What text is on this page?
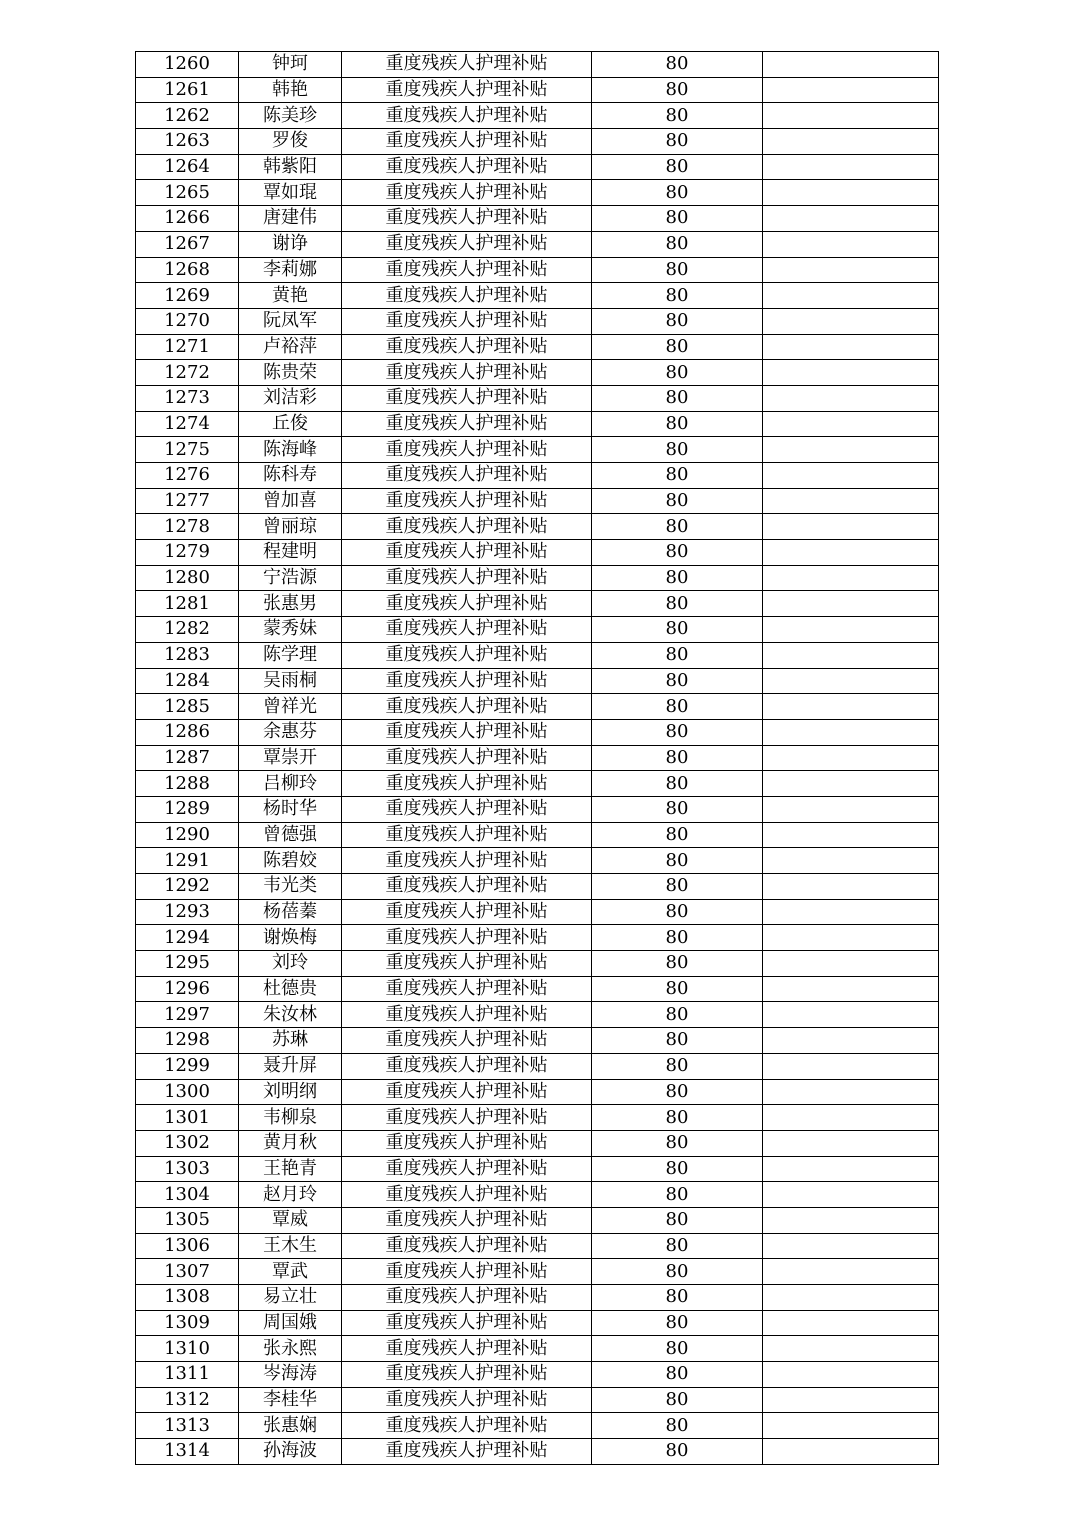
1260	钟珂	重度残疾人护理补贴	80	
1261	韩艳	重度残疾人护理补贴	80	
1262	陈美珍	重度残疾人护理补贴	80	
1263	罗俊	重度残疾人护理补贴	80	
1264	韩紫阳	重度残疾人护理补贴	80	
1265	覃如琨	重度残疾人护理补贴	80	
1266	唐建伟	重度残疾人护理补贴	80	
1267	谢诤	重度残疾人护理补贴	80	
1268	李莉娜	重度残疾人护理补贴	80	
1269	黄艳	重度残疾人护理补贴	80	
1270	阮凤军	重度残疾人护理补贴	80	
1271	卢裕萍	重度残疾人护理补贴	80	
1272	陈贵荣	重度残疾人护理补贴	80	
1273	刘洁彩	重度残疾人护理补贴	80	
1274	丘俊	重度残疾人护理补贴	80	
1275	陈海峰	重度残疾人护理补贴	80	
1276	陈科寿	重度残疾人护理补贴	80	
1277	曾加喜	重度残疾人护理补贴	80	
1278	曾丽琼	重度残疾人护理补贴	80	
1279	程建明	重度残疾人护理补贴	80	
1280	宁浩源	重度残疾人护理补贴	80	
1281	张惠男	重度残疾人护理补贴	80	
1282	蒙秀妹	重度残疾人护理补贴	80	
1283	陈学理	重度残疾人护理补贴	80	
1284	吴雨桐	重度残疾人护理补贴	80	
1285	曾祥光	重度残疾人护理补贴	80	
1286	余惠芬	重度残疾人护理补贴	80	
1287	覃崇开	重度残疾人护理补贴	80	
1288	吕柳玲	重度残疾人护理补贴	80	
1289	杨时华	重度残疾人护理补贴	80	
1290	曾德强	重度残疾人护理补贴	80	
1291	陈碧姣	重度残疾人护理补贴	80	
1292	韦光类	重度残疾人护理补贴	80	
1293	杨蓓蓁	重度残疾人护理补贴	80	
1294	谢焕梅	重度残疾人护理补贴	80	
1295	刘玲	重度残疾人护理补贴	80	
1296	杜德贵	重度残疾人护理补贴	80	
1297	朱汝林	重度残疾人护理补贴	80	
1298	苏琳	重度残疾人护理补贴	80	
1299	聂升屏	重度残疾人护理补贴	80	
1300	刘明纲	重度残疾人护理补贴	80	
1301	韦柳泉	重度残疾人护理补贴	80	
1302	黄月秋	重度残疾人护理补贴	80	
1303	王艳青	重度残疾人护理补贴	80	
1304	赵月玲	重度残疾人护理补贴	80	
1305	覃威	重度残疾人护理补贴	80	
1306	王木生	重度残疾人护理补贴	80	
1307	覃武	重度残疾人护理补贴	80	
1308	易立壮	重度残疾人护理补贴	80	
1309	周国娥	重度残疾人护理补贴	80	
1310	张永熙	重度残疾人护理补贴	80	
1311	岑海涛	重度残疾人护理补贴	80	
1312	李桂华	重度残疾人护理补贴	80	
1313	张惠娴	重度残疾人护理补贴	80	
1314	孙海波	重度残疾人护理补贴	80	
